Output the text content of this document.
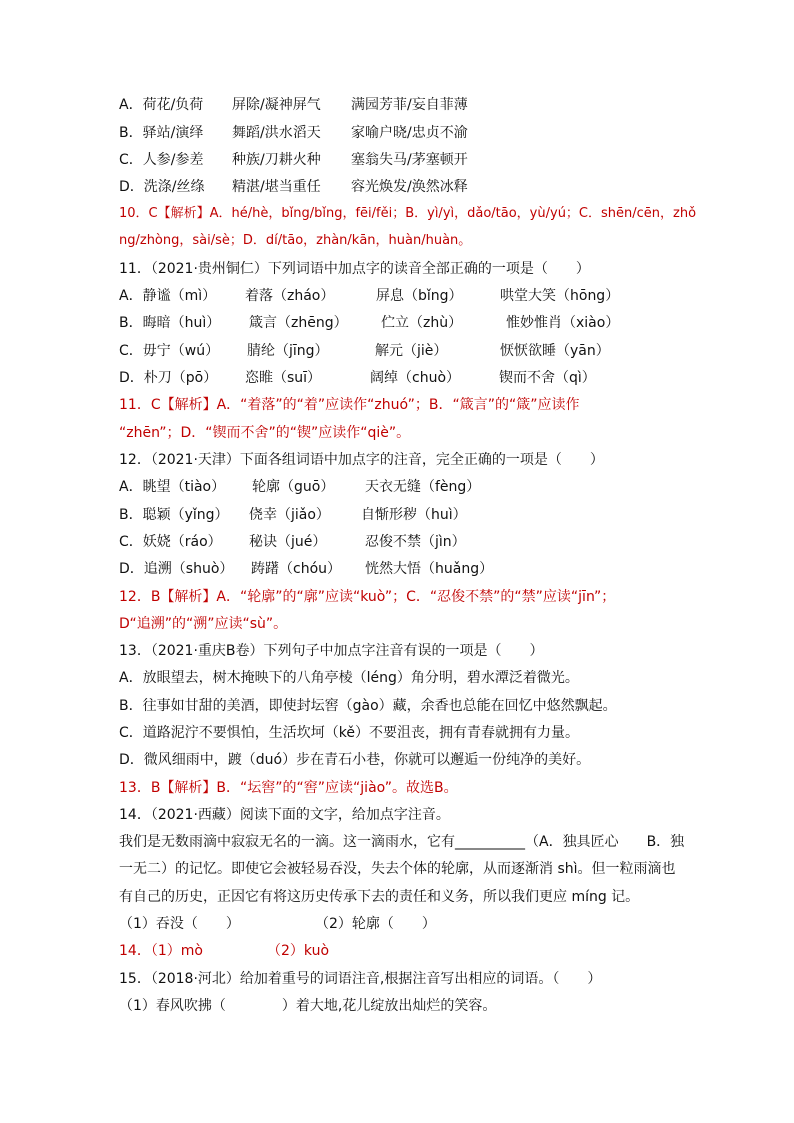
A．荷花/负荷 屏除/凝神屏气 满园芳菲/妄自菲薄
B．驿站/演绎 舞蹈/洪水滔天 家喻户晓/忠贞不渝
C．人参/参差 种族/刀耕火种 塞翁失马/茅塞顿开
D．洗涤/丝绦 精湛/堪当重任 容光焕发/涣然冰释
10．C【解析】A．hé/hè，bǐng/bǐng，fēi/fěi；B．yì/yì，dǎo/tāo，yù/yú；C．shēn/cēn，zhǒ
ng/zhòng，sài/sè；D．dí/tāo，zhàn/kān，huàn/huàn。
11．（2021·贵州铜仁）下列词语中加点字的读音全部正确的一项是（　　）
A．静谧（mì） 着落（zháo）	屏息（bǐng）	哄堂大笑（hōng）
B．晦暗（huì） 箴言（zhēng） 伫立（zhù）	惟妙惟肖（xiào）
C．毋宁（wú） 腈纶（jīng）	解元（jiè）	恹恹欲睡（yān）
D．朴刀（pō） 恣睢（suī）	阔绰（chuò）	锲而不舍（qì）
11．C【解析】A．“着落”的“着”应读作“zhuó”；B．“箴言”的“箴”应读作
“zhēn”；D．“锲而不舍”的“锲”应读作“qiè”。
12．（2021·天津）下面各组词语中加点字的注音，完全正确的一项是（　　）
A．眺望（tiào） 轮廓（guō） 天衣无缝（fèng）
B．聪颖（yǐng） 侥幸（jiǎo） 自惭形秽（huì）
C．妖娆（ráo） 秘诀（jué）	忍俊不禁（jìn）
D．追溯（shuò） 踌躇（chóu） 恍然大悟（huǎng）
12．B【解析】A．“轮廓”的“廓”应读“kuò”；C．“忍俊不禁”的“禁”应读“jīn”；
D“追溯”的“溯”应读“sù”。
13．（2021·重庆B卷）下列句子中加点字注音有误的一项是（　　）
A．放眼望去，树木掩映下的八角亭棱（léng）角分明，碧水潭泛着微光。
B．往事如甘甜的美酒，即使封坛窖（gào）藏，余香也总能在回忆中悠然飘起。
C．道路泥泞不要惧怕，生活坎坷（kě）不要沮丧，拥有青春就拥有力量。
D．微风细雨中，踱（duó）步在青石小巷，你就可以邂逅一份纯净的美好。
13．B【解析】B．“坛窖”的“窖”应读“jiào”。故选B。
14．（2021·西藏）阅读下面的文字，给加点字注音。
我们是无数雨滴中寂寂无名的一滴。这一滴雨水，它有__________（A．独具匠心　　B．独
一无二）的记忆。即使它会被轻易吞没，失去个体的轮廓，从而逐渐消 shì。但一粒雨滴也
有自己的历史，正因它有将这历史传承下去的责任和义务，所以我们更应 míng 记。
（1）吞没（　　）	（2）轮廓（　　）
14．（1）mò	（2）kuò
15．（2018·河北）给加着重号的词语注音,根据注音写出相应的词语。（　　）
（1）春风吹拂（　　　　）着大地,花儿绽放出灿烂的笑容。
